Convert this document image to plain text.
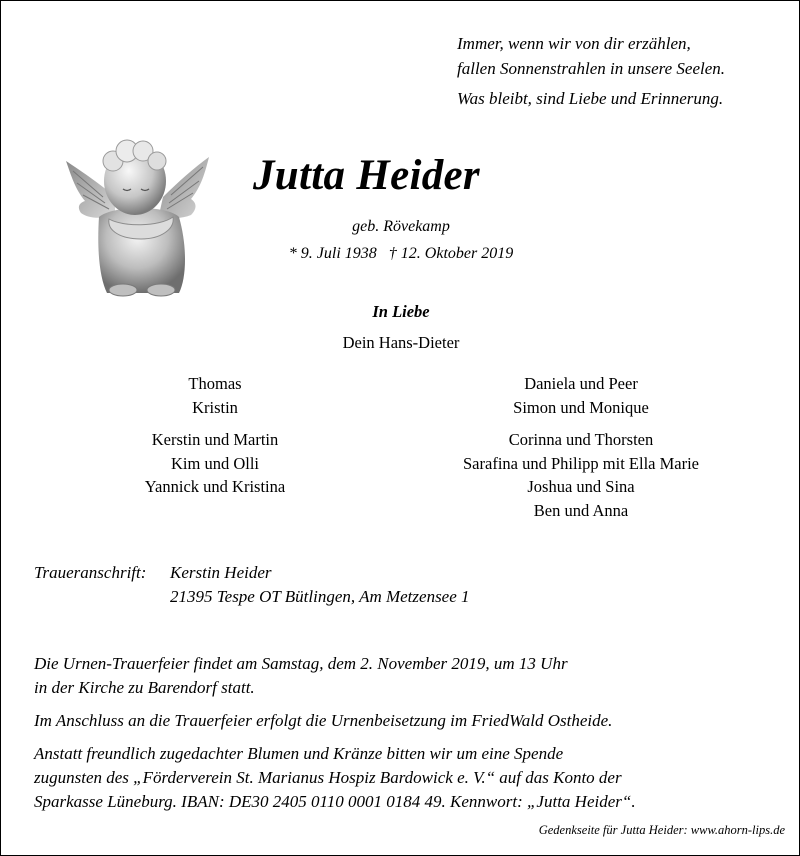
Immer, wenn wir von dir erzählen,
fallen Sonnenstrahlen in unsere Seelen.
Was bleibt, sind Liebe und Erinnerung.
Jutta Heider
geb. Rövekamp
* 9. Juli 1938 † 12. Oktober 2019
In Liebe
Dein Hans-Dieter
Thomas
Kristin
Kerstin und Martin
Kim und Olli
Yannick und Kristina
Daniela und Peer
Simon und Monique
Corinna und Thorsten
Sarafina und Philipp mit Ella Marie
Joshua und Sina
Ben und Anna
Traueranschrift: Kerstin Heider
21395 Tespe OT Bütlingen, Am Metzensee 1
Die Urnen-Trauerfeier findet am Samstag, dem 2. November 2019, um 13 Uhr
in der Kirche zu Barendorf statt.
Im Anschluss an die Trauerfeier erfolgt die Urnenbeisetzung im FriedWald Ostheide.
Anstatt freundlich zugedachter Blumen und Kränze bitten wir um eine Spende
zugunsten des „Förderverein St. Marianus Hospiz Bardowick e. V.“ auf das Konto der
Sparkasse Lüneburg. IBAN: DE30 2405 0110 0001 0184 49. Kennwort: „Jutta Heider“.
Gedenkseite für Jutta Heider: www.ahorn-lips.de
